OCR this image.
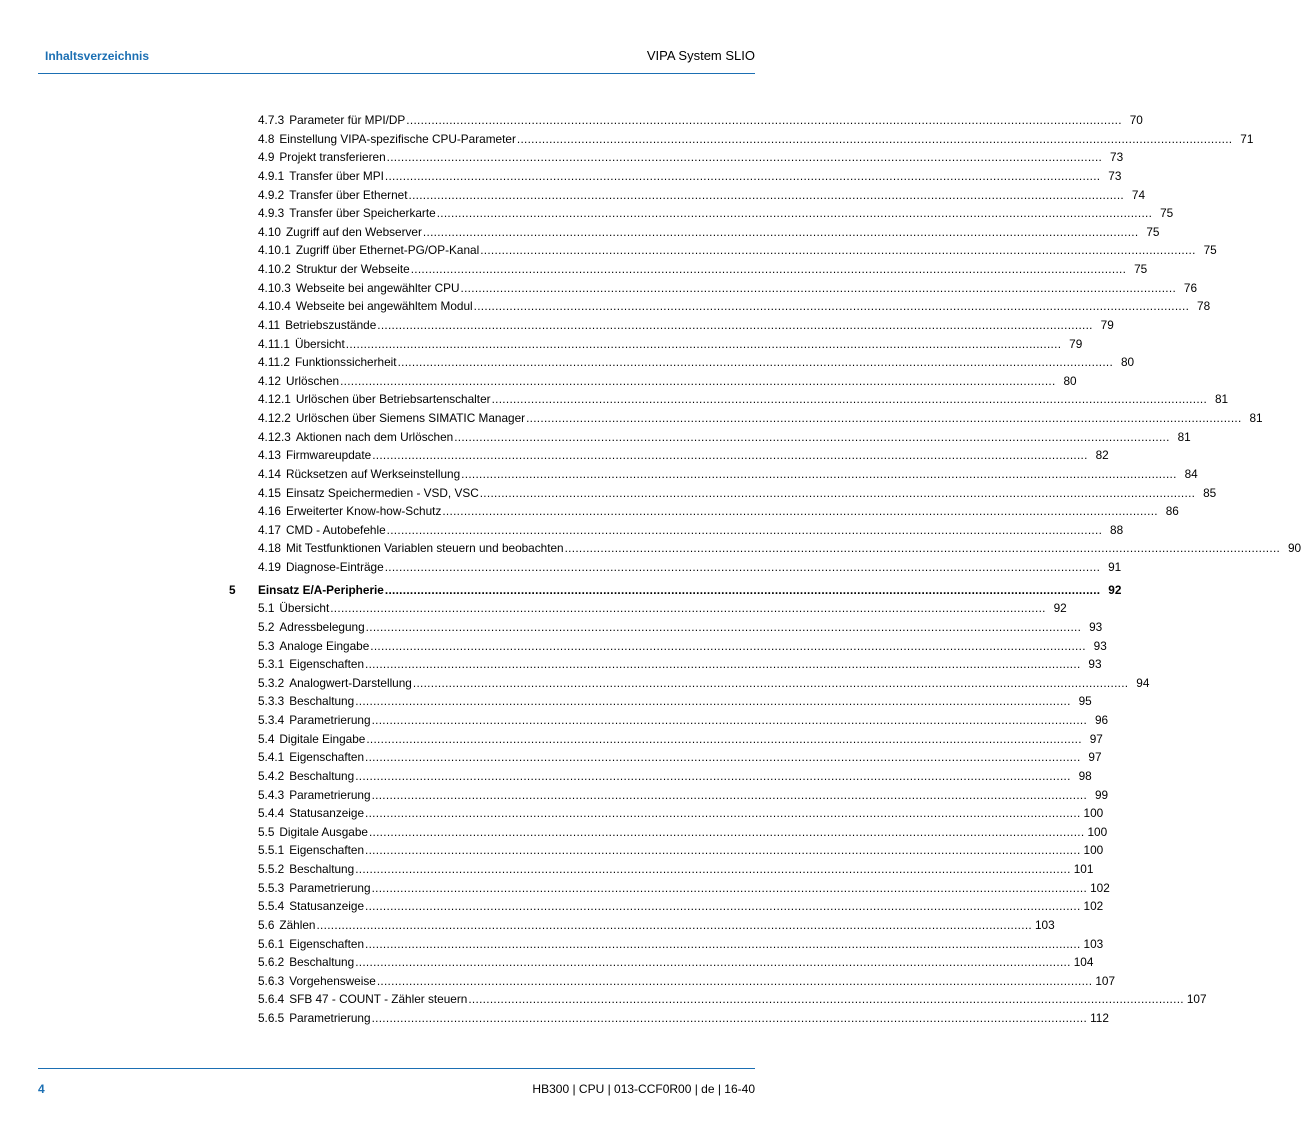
Inhaltsverzeichnis	VIPA System SLIO
4.7.3 Parameter für MPI/DP ........................................................................................................................................................................................................ 70
4.8 Einstellung VIPA-spezifische CPU-Parameter ........................................................................................................................................................................................................ 71
4.9 Projekt transferieren ........................................................................................................................................................................................................ 73
4.9.1 Transfer über MPI ........................................................................................................................................................................................................ 73
4.9.2 Transfer über Ethernet ........................................................................................................................................................................................................ 74
4.9.3 Transfer über Speicherkarte ........................................................................................................................................................................................................ 75
4.10 Zugriff auf den Webserver ........................................................................................................................................................................................................ 75
4.10.1 Zugriff über Ethernet-PG/OP-Kanal ........................................................................................................................................................................................................ 75
4.10.2 Struktur der Webseite ........................................................................................................................................................................................................ 75
4.10.3 Webseite bei angewählter CPU ........................................................................................................................................................................................................ 76
4.10.4 Webseite bei angewähltem Modul ........................................................................................................................................................................................................ 78
4.11 Betriebszustände ........................................................................................................................................................................................................ 79
4.11.1 Übersicht ........................................................................................................................................................................................................ 79
4.11.2 Funktionssicherheit ........................................................................................................................................................................................................ 80
4.12 Urlöschen ........................................................................................................................................................................................................ 80
4.12.1 Urlöschen über Betriebsartenschalter ........................................................................................................................................................................................................ 81
4.12.2 Urlöschen über Siemens SIMATIC Manager ........................................................................................................................................................................................................ 81
4.12.3 Aktionen nach dem Urlöschen ........................................................................................................................................................................................................ 81
4.13 Firmwareupdate ........................................................................................................................................................................................................ 82
4.14 Rücksetzen auf Werkseinstellung ........................................................................................................................................................................................................ 84
4.15 Einsatz Speichermedien - VSD, VSC ........................................................................................................................................................................................................ 85
4.16 Erweiterter Know-how-Schutz ........................................................................................................................................................................................................ 86
4.17 CMD - Autobefehle ........................................................................................................................................................................................................ 88
4.18 Mit Testfunktionen Variablen steuern und beobachten ........................................................................................................................................................................................................ 90
4.19 Diagnose-Einträge ........................................................................................................................................................................................................ 91
5 Einsatz E/A-Peripherie ........................................................................................................................................................................................................ 92
5.1 Übersicht ........................................................................................................................................................................................................ 92
5.2 Adressbelegung ........................................................................................................................................................................................................ 93
5.3 Analoge Eingabe ........................................................................................................................................................................................................ 93
5.3.1 Eigenschaften ........................................................................................................................................................................................................ 93
5.3.2 Analogwert-Darstellung ........................................................................................................................................................................................................ 94
5.3.3 Beschaltung ........................................................................................................................................................................................................ 95
5.3.4 Parametrierung ........................................................................................................................................................................................................ 96
5.4 Digitale Eingabe ........................................................................................................................................................................................................ 97
5.4.1 Eigenschaften ........................................................................................................................................................................................................ 97
5.4.2 Beschaltung ........................................................................................................................................................................................................ 98
5.4.3 Parametrierung ........................................................................................................................................................................................................ 99
5.4.4 Statusanzeige ........................................................................................................................................................................................................ 100
5.5 Digitale Ausgabe ........................................................................................................................................................................................................ 100
5.5.1 Eigenschaften ........................................................................................................................................................................................................ 100
5.5.2 Beschaltung ........................................................................................................................................................................................................ 101
5.5.3 Parametrierung ........................................................................................................................................................................................................ 102
5.5.4 Statusanzeige ........................................................................................................................................................................................................ 102
5.6 Zählen ........................................................................................................................................................................................................ 103
5.6.1 Eigenschaften ........................................................................................................................................................................................................ 103
5.6.2 Beschaltung ........................................................................................................................................................................................................ 104
5.6.3 Vorgehensweise ........................................................................................................................................................................................................ 107
5.6.4 SFB 47 - COUNT - Zähler steuern ........................................................................................................................................................................................................ 107
5.6.5 Parametrierung ........................................................................................................................................................................................................ 112
4	HB300 | CPU | 013-CCF0R00 | de | 16-40
